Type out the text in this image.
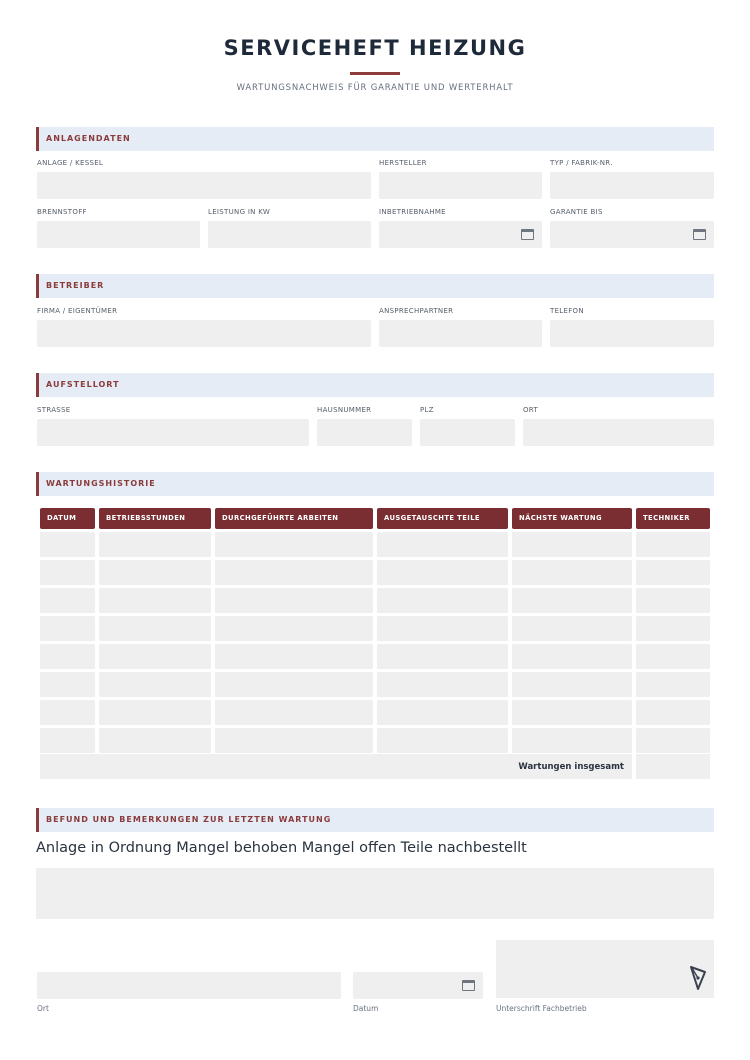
SERVICEHEFT HEIZUNG
WARTUNGSNACHWEIS FÜR GARANTIE UND WERTERHALT
ANLAGENDATEN
ANLAGE / KESSEL	HERSTELLER	TYP / FABRIK-NR.
BRENNSTOFF	LEISTUNG IN KW	INBETRIEBNAHME	GARANTIE BIS
BETREIBER
FIRMA / EIGENTÜMER	ANSPRECHPARTNER	TELEFON
AUFSTELLORT
STRASSE	HAUSNUMMER	PLZ	ORT
WARTUNGSHISTORIE
DATUM	BETRIEBSSTUNDEN	DURCHGEFÜHRTE ARBEITEN	AUSGETAUSCHTE TEILE	NÄCHSTE WARTUNG	TECHNIKER
Wartungen insgesamt
BEFUND UND BEMERKUNGEN ZUR LETZTEN WARTUNG
Anlage in Ordnung Mangel behoben Mangel offen Teile nachbestellt
Ort	Datum	Unterschrift Fachbetrieb
